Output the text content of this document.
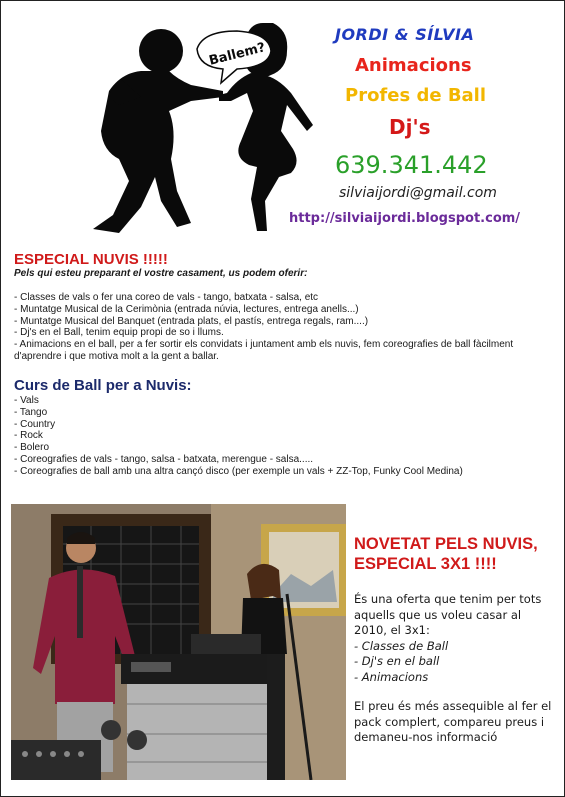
Ballem?
JORDI & SÍLVIA
Animacions
Profes de Ball
Dj's
639.341.442
silviaijordi@gmail.com
http://silviaijordi.blogspot.com/
ESPECIAL NUVIS !!!!!

Pels qui esteu preparant el vostre casament, us podem oferir:

- Classes de vals o fer una coreo de vals - tango, batxata - salsa, etc
- Muntatge Musical de la Cerimònia (entrada núvia, lectures, entrega anells...)
- Muntatge Musical del Banquet (entrada plats, el pastís, entrega regals, ram....)
- Dj's en el Ball, tenim equip propi de so i llums.
- Animacions en el ball, per a fer sortir els convidats i juntament amb els nuvis, fem coreografies de ball fàcilment d'aprendre i que motiva molt a la gent a ballar.
Curs de Ball per a Nuvis:
- Vals
- Tango
- Country
- Rock
- Bolero
- Coreografies de vals - tango, salsa - batxata, merengue - salsa.....
- Coreografies de ball amb una altra cançó disco (per exemple un vals + ZZ-Top, Funky Cool Medina)
NOVETAT PELS NUVIS,
ESPECIAL 3X1 !!!!

És una oferta que tenim per tots aquells que us voleu casar al 2010, el 3x1:

- Classes de Ball
- Dj's en el ball
- Animacions

El preu és més assequible al fer el pack complert, compareu preus i demaneu-nos informació
